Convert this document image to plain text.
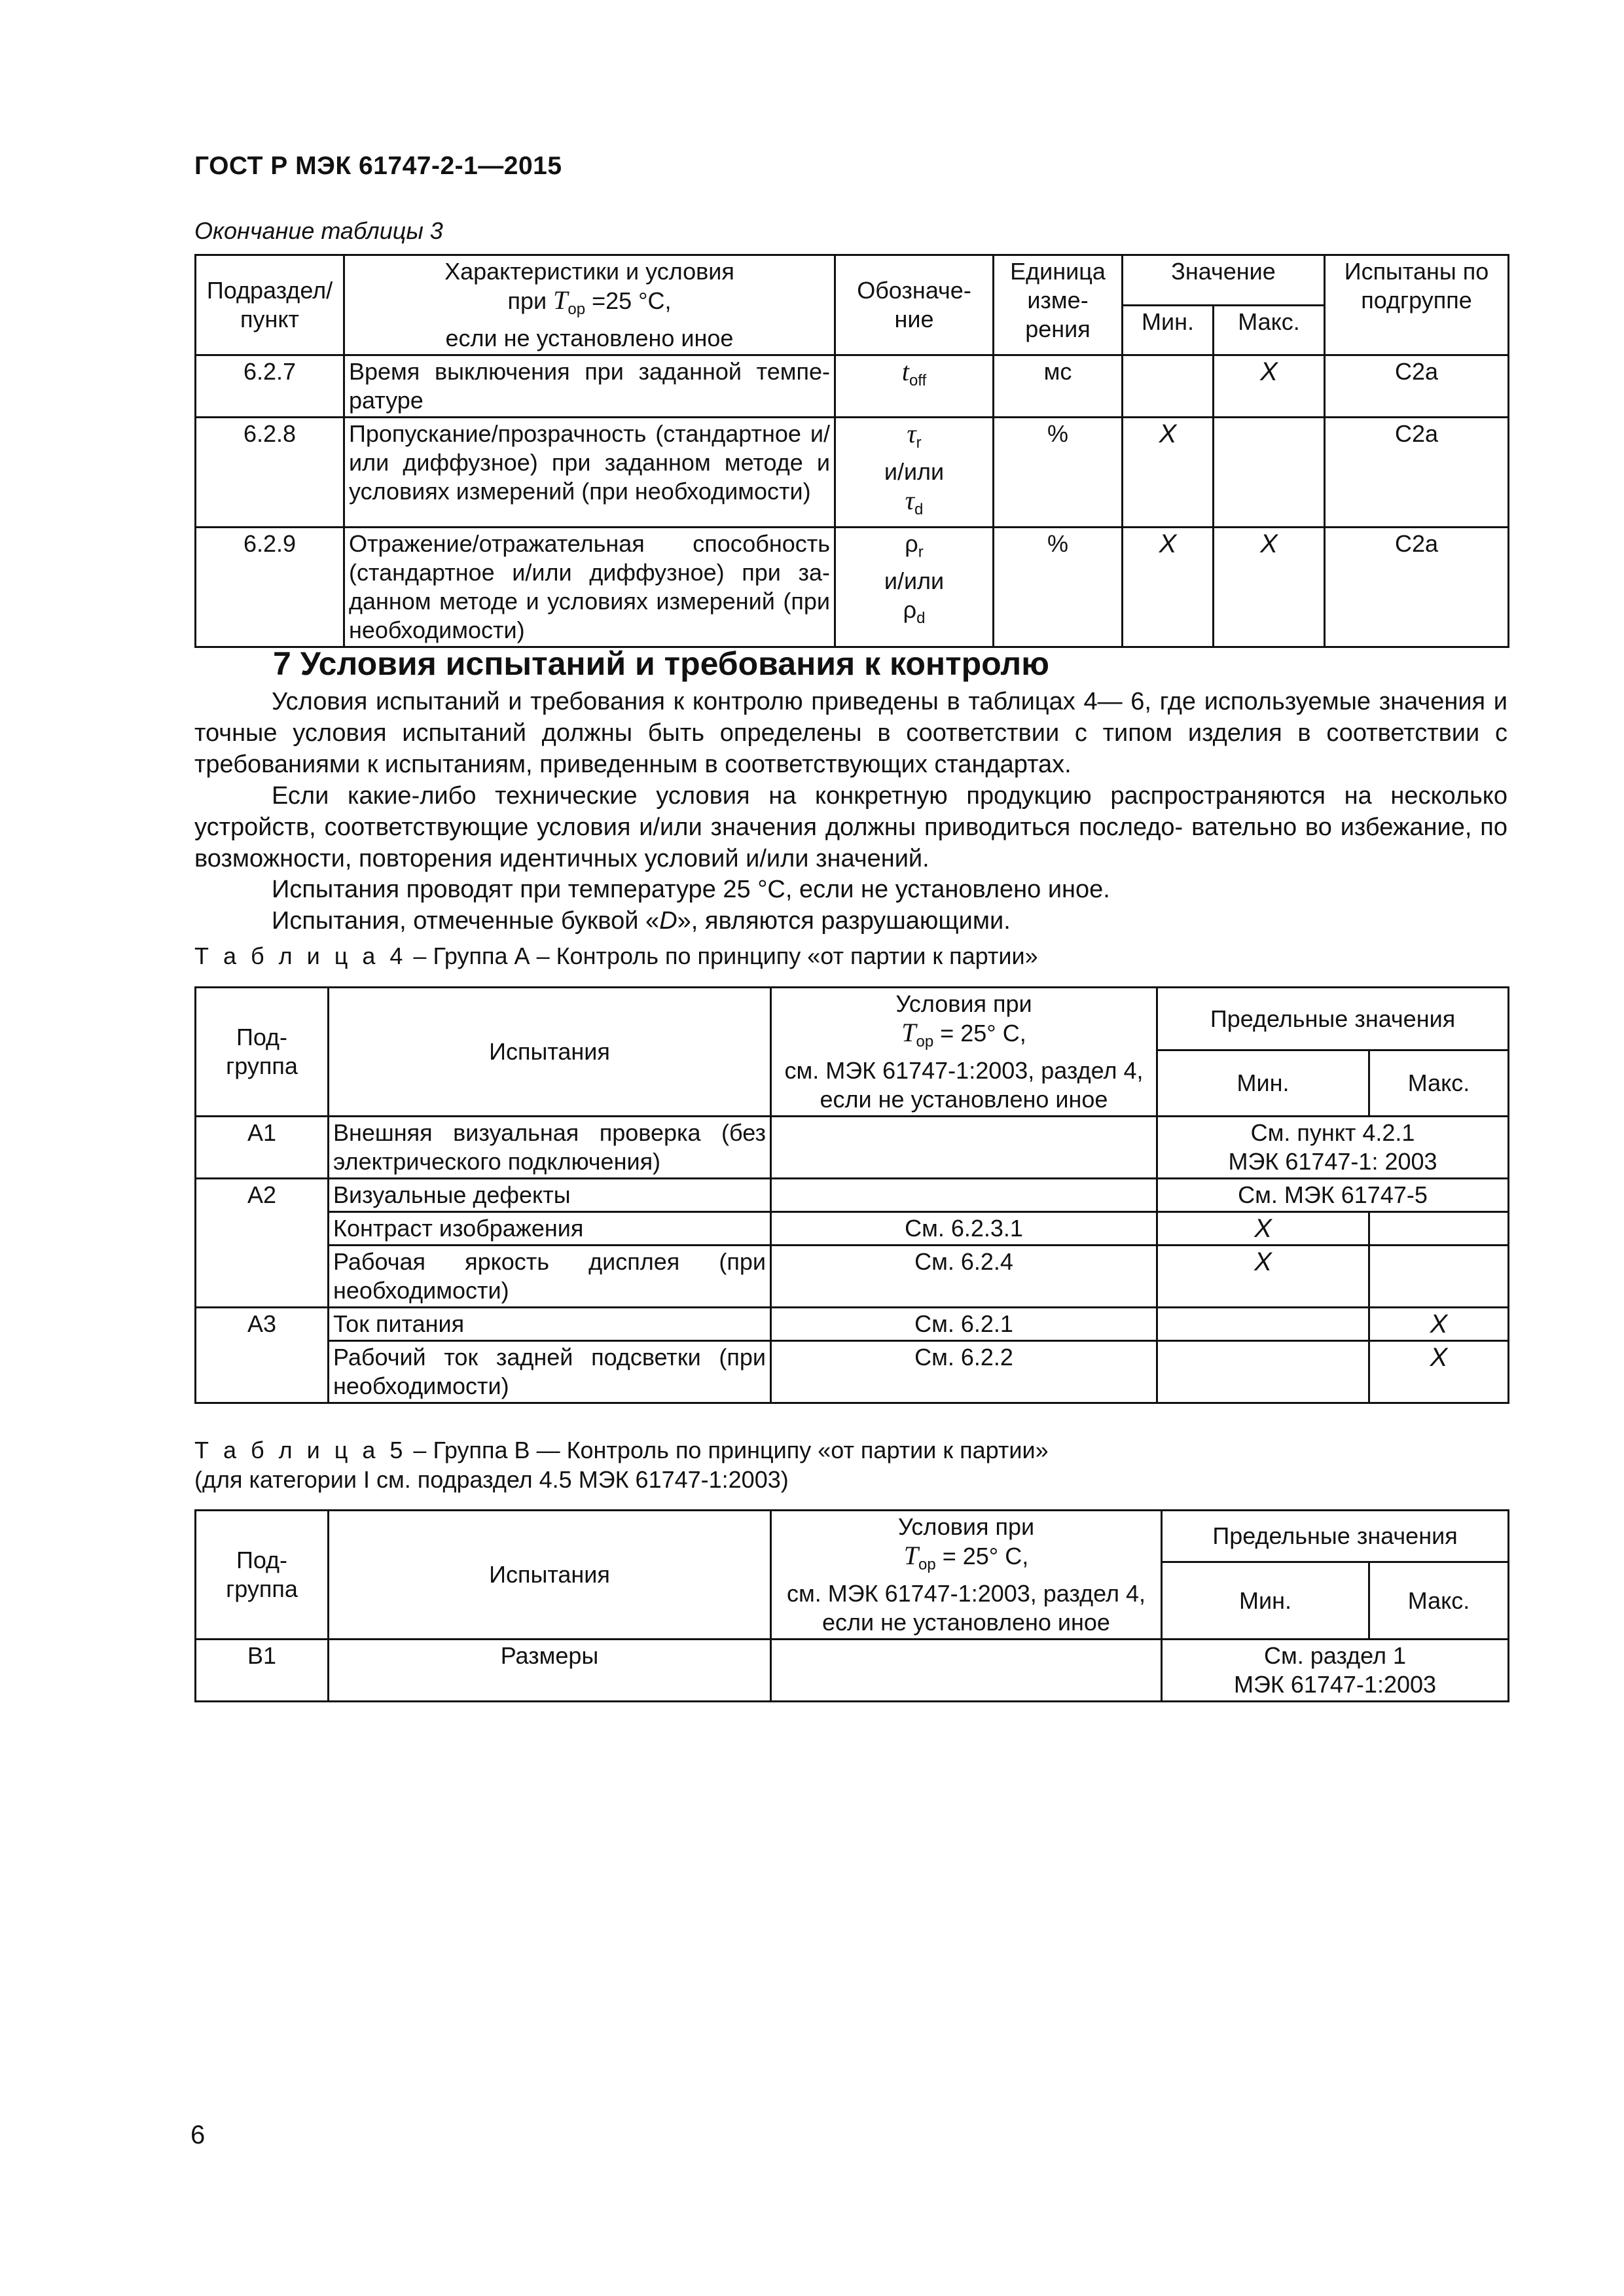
ГОСТ Р МЭК 61747-2-1—2015
Окончание таблицы 3
Подраздел/ пункт	Характеристики и условия
при $T_{op} =25$ °С,
если не установлено иное	Обозначе- ние	Единица изме- рения	Значение		Испытаны по подгруппе
				Мин.	Макс.	
6.2.7	Время выключения при заданной темпе- ратуре	$t_{off}$	мс		X	C2a
6.2.8	Пропускание/прозрачность (стандартное и/или диффузное) при заданном методе и условиях измерений (при необходимости)	$\tau_r$
и/или
$\tau_d$	%	X		C2a
6.2.9	Отражение/отражательная способность (стандартное и/или диффузное) при за- данном методе и условиях измерений (при необходимости)	$\rho_r$
и/или
$\rho_d$	%	X	X	C2a
7 Условия испытаний и требования к контролю
Условия испытаний и требования к контролю приведены в таблицах 4— 6, где используемые значения и точные условия испытаний должны быть определены в соответствии с типом изделия в соответствии с требованиями к испытаниям, приведенным в соответствующих стандартах.
Если какие-либо технические условия на конкретную продукцию распространяются на несколько устройств, соответствующие условия и/или значения должны приводиться последо- вательно во избежание, по возможности, повторения идентичных условий и/или значений.
Испытания проводят при температуре 25 °С, если не установлено иное.
Испытания, отмеченные буквой «D», являются разрушающими.
Т а б л и ц а 4 – Группа А – Контроль по принципу «от партии к партии»
Под- группа	Испытания	Условия при
$T_{op} = 25^\circ$ С,
см. МЭК 61747-1:2003, раздел 4,
если не установлено иное	Предельные значения	
			Мин.	Макс.
А1	Внешняя визуальная проверка (без электрического подключения)		См. пункт 4.2.1
МЭК 61747-1: 2003	

А2	Визуальные дефекты		См. МЭК 61747-5	
	Контраст изображения	См. 6.2.3.1	X	
	Рабочая яркость дисплея (при необходимости)	См. 6.2.4	X	
А3	Ток питания	См. 6.2.1		X
	Рабочий ток задней подсветки (при необходимости)	См. 6.2.2		X
Т а б л и ц а 5 – Группа В — Контроль по принципу «от партии к партии»
(для категории I см. подраздел 4.5 МЭК 61747-1:2003)
Под- группа	Испытания	Условия при
$T_{op} = 25^\circ$ С,
см. МЭК 61747-1:2003, раздел 4,
если не установлено иное	Предельные значения	
			Мин.	Макс.
В1	Размеры		См. раздел 1
МЭК 61747-1:2003	
6
